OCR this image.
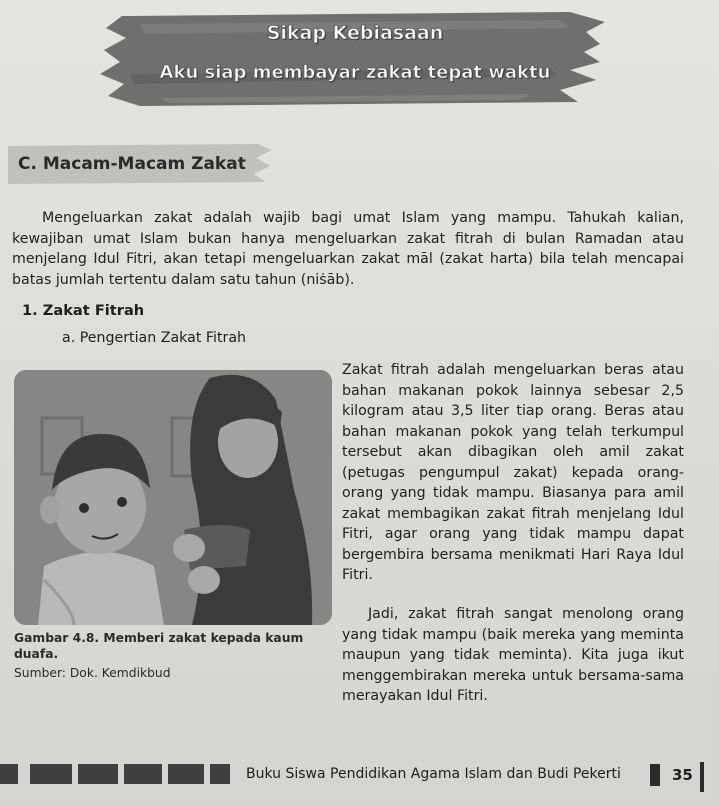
Sikap Kebiasaan
Aku siap membayar zakat tepat waktu
C. Macam-Macam Zakat

Mengeluarkan zakat adalah wajib bagi umat Islam yang mampu. Tahukah kalian, kewajiban umat Islam bukan hanya mengeluarkan zakat fitrah di bulan Ramadan atau menjelang Idul Fitri, akan tetapi mengeluarkan zakat māl (zakat harta) bila telah mencapai batas jumlah tertentu dalam satu tahun (niṡāb).

1. Zakat Fitrah
a. Pengertian Zakat Fitrah
Gambar 4.8. Memberi zakat kepada kaum duafa.
Sumber: Dok. Kemdikbud

Zakat fitrah adalah mengeluarkan beras atau bahan makanan pokok lainnya sebesar 2,5 kilogram atau 3,5 liter tiap orang. Beras atau bahan makanan pokok yang telah terkumpul tersebut akan dibagikan oleh amil zakat (petugas pengumpul zakat) kepada orang-orang yang tidak mampu. Biasanya para amil zakat membagikan zakat fitrah menjelang Idul Fitri, agar orang yang tidak mampu dapat bergembira bersama menikmati Hari Raya Idul Fitri.

Jadi, zakat fitrah sangat menolong orang yang tidak mampu (baik mereka yang meminta maupun yang tidak meminta). Kita juga ikut menggembirakan mereka untuk bersama-sama merayakan Idul Fitri.

Buku Siswa Pendidikan Agama Islam dan Budi Pekerti	35
